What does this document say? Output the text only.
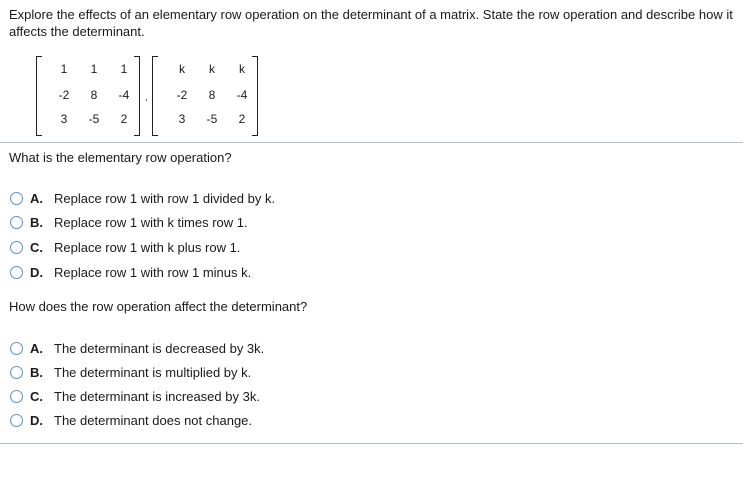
Explore the effects of an elementary row operation on the determinant of a matrix. State the row operation and describe how it affects the determinant.
1	1	1
-2	8	-4
3	-5	2
,
k	k	k
-2	8	-4
3	-5	2
What is the elementary row operation?
A. Replace row 1 with row 1 divided by k.
B. Replace row 1 with k times row 1.
C. Replace row 1 with k plus row 1.
D. Replace row 1 with row 1 minus k.
How does the row operation affect the determinant?
A. The determinant is decreased by 3k.
B. The determinant is multiplied by k.
C. The determinant is increased by 3k.
D. The determinant does not change.
